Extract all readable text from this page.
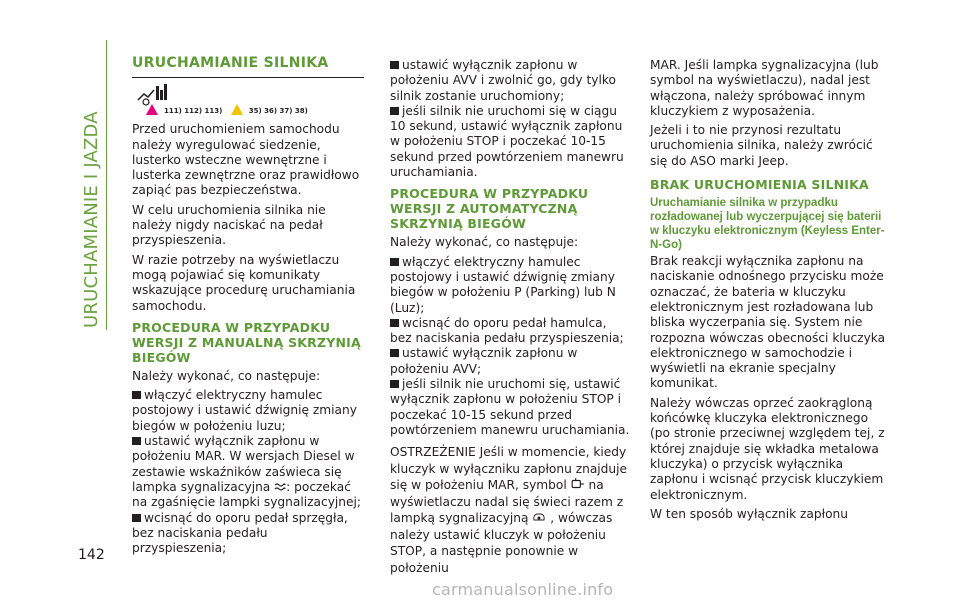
URUCHAMIANIE I JAZDA
142
URUCHAMIANIE SILNIKA
111) 112) 113)	35) 36) 37) 38)

Przed uruchomieniem samochodu należy wyregulować siedzenie, lusterko wsteczne wewnętrzne i lusterka zewnętrzne oraz prawidłowo zapiąć pas bezpieczeństwa.

W celu uruchomienia silnika nie należy nigdy naciskać na pedał przyspieszenia.

W razie potrzeby na wyświetlaczu mogą pojawiać się komunikaty wskazujące procedurę uruchamiania samochodu.

PROCEDURA W PRZYPADKU WERSJI Z MANUALNĄ SKRZYNIĄ BIEGÓW

Należy wykonać, co następuje:

włączyć elektryczny hamulec postojowy i ustawić dźwignię zmiany biegów w położeniu luzu;

ustawić wyłącznik zapłonu w położeniu MAR. W wersjach Diesel w zestawie wskaźników zaświeca się lampka sygnalizacyjna : poczekać na zgaśnięcie lampki sygnalizacyjnej;

wcisnąć do oporu pedał sprzęgła, bez naciskania pedału przyspieszenia;

ustawić wyłącznik zapłonu w położeniu AVV i zwolnić go, gdy tylko silnik zostanie uruchomiony;

jeśli silnik nie uruchomi się w ciągu 10 sekund, ustawić wyłącznik zapłonu w położeniu STOP i poczekać 10-15 sekund przed powtórzeniem manewru uruchamiania.

PROCEDURA W PRZYPADKU WERSJI Z AUTOMATYCZNĄ SKRZYNIĄ BIEGÓW

Należy wykonać, co następuje:

włączyć elektryczny hamulec postojowy i ustawić dźwignię zmiany biegów w położeniu P (Parking) lub N (Luz);

wcisnąć do oporu pedał hamulca, bez naciskania pedału przyspieszenia;

ustawić wyłącznik zapłonu w położeniu AVV;

jeśli silnik nie uruchomi się, ustawić wyłącznik zapłonu w położeniu STOP i poczekać 10-15 sekund przed powtórzeniem manewru uruchamiania.

OSTRZEŻENIE Jeśli w momencie, kiedy kluczyk w wyłączniku zapłonu znajduje się w położeniu MAR, symbol na wyświetlaczu nadal się świeci razem z lampką sygnalizacyjną , wówczas należy ustawić kluczyk w położeniu STOP, a następnie ponownie w położeniu

MAR. Jeśli lampka sygnalizacyjna (lub symbol na wyświetlaczu), nadal jest włączona, należy spróbować innym kluczykiem z wyposażenia.

Jeżeli i to nie przynosi rezultatu uruchomienia silnika, należy zwrócić się do ASO marki Jeep.

BRAK URUCHOMIENIA SILNIKA
Uruchamianie silnika w przypadku rozładowanej lub wyczerpującej się baterii w kluczyku elektronicznym (Keyless Enter-N-Go)

Brak reakcji wyłącznika zapłonu na naciskanie odnośnego przycisku może oznaczać, że bateria w kluczyku elektronicznym jest rozładowana lub bliska wyczerpania się. System nie rozpozna wówczas obecności kluczyka elektronicznego w samochodzie i wyświetli na ekranie specjalny komunikat.

Należy wówczas oprzeć zaokrągloną końcówkę kluczyka elektronicznego (po stronie przeciwnej względem tej, z której znajduje się wkładka metalowa kluczyka) o przycisk wyłącznika zapłonu i wcisnąć przycisk kluczykiem elektronicznym.

W ten sposób wyłącznik zapłonu

carmanualsonline.info
